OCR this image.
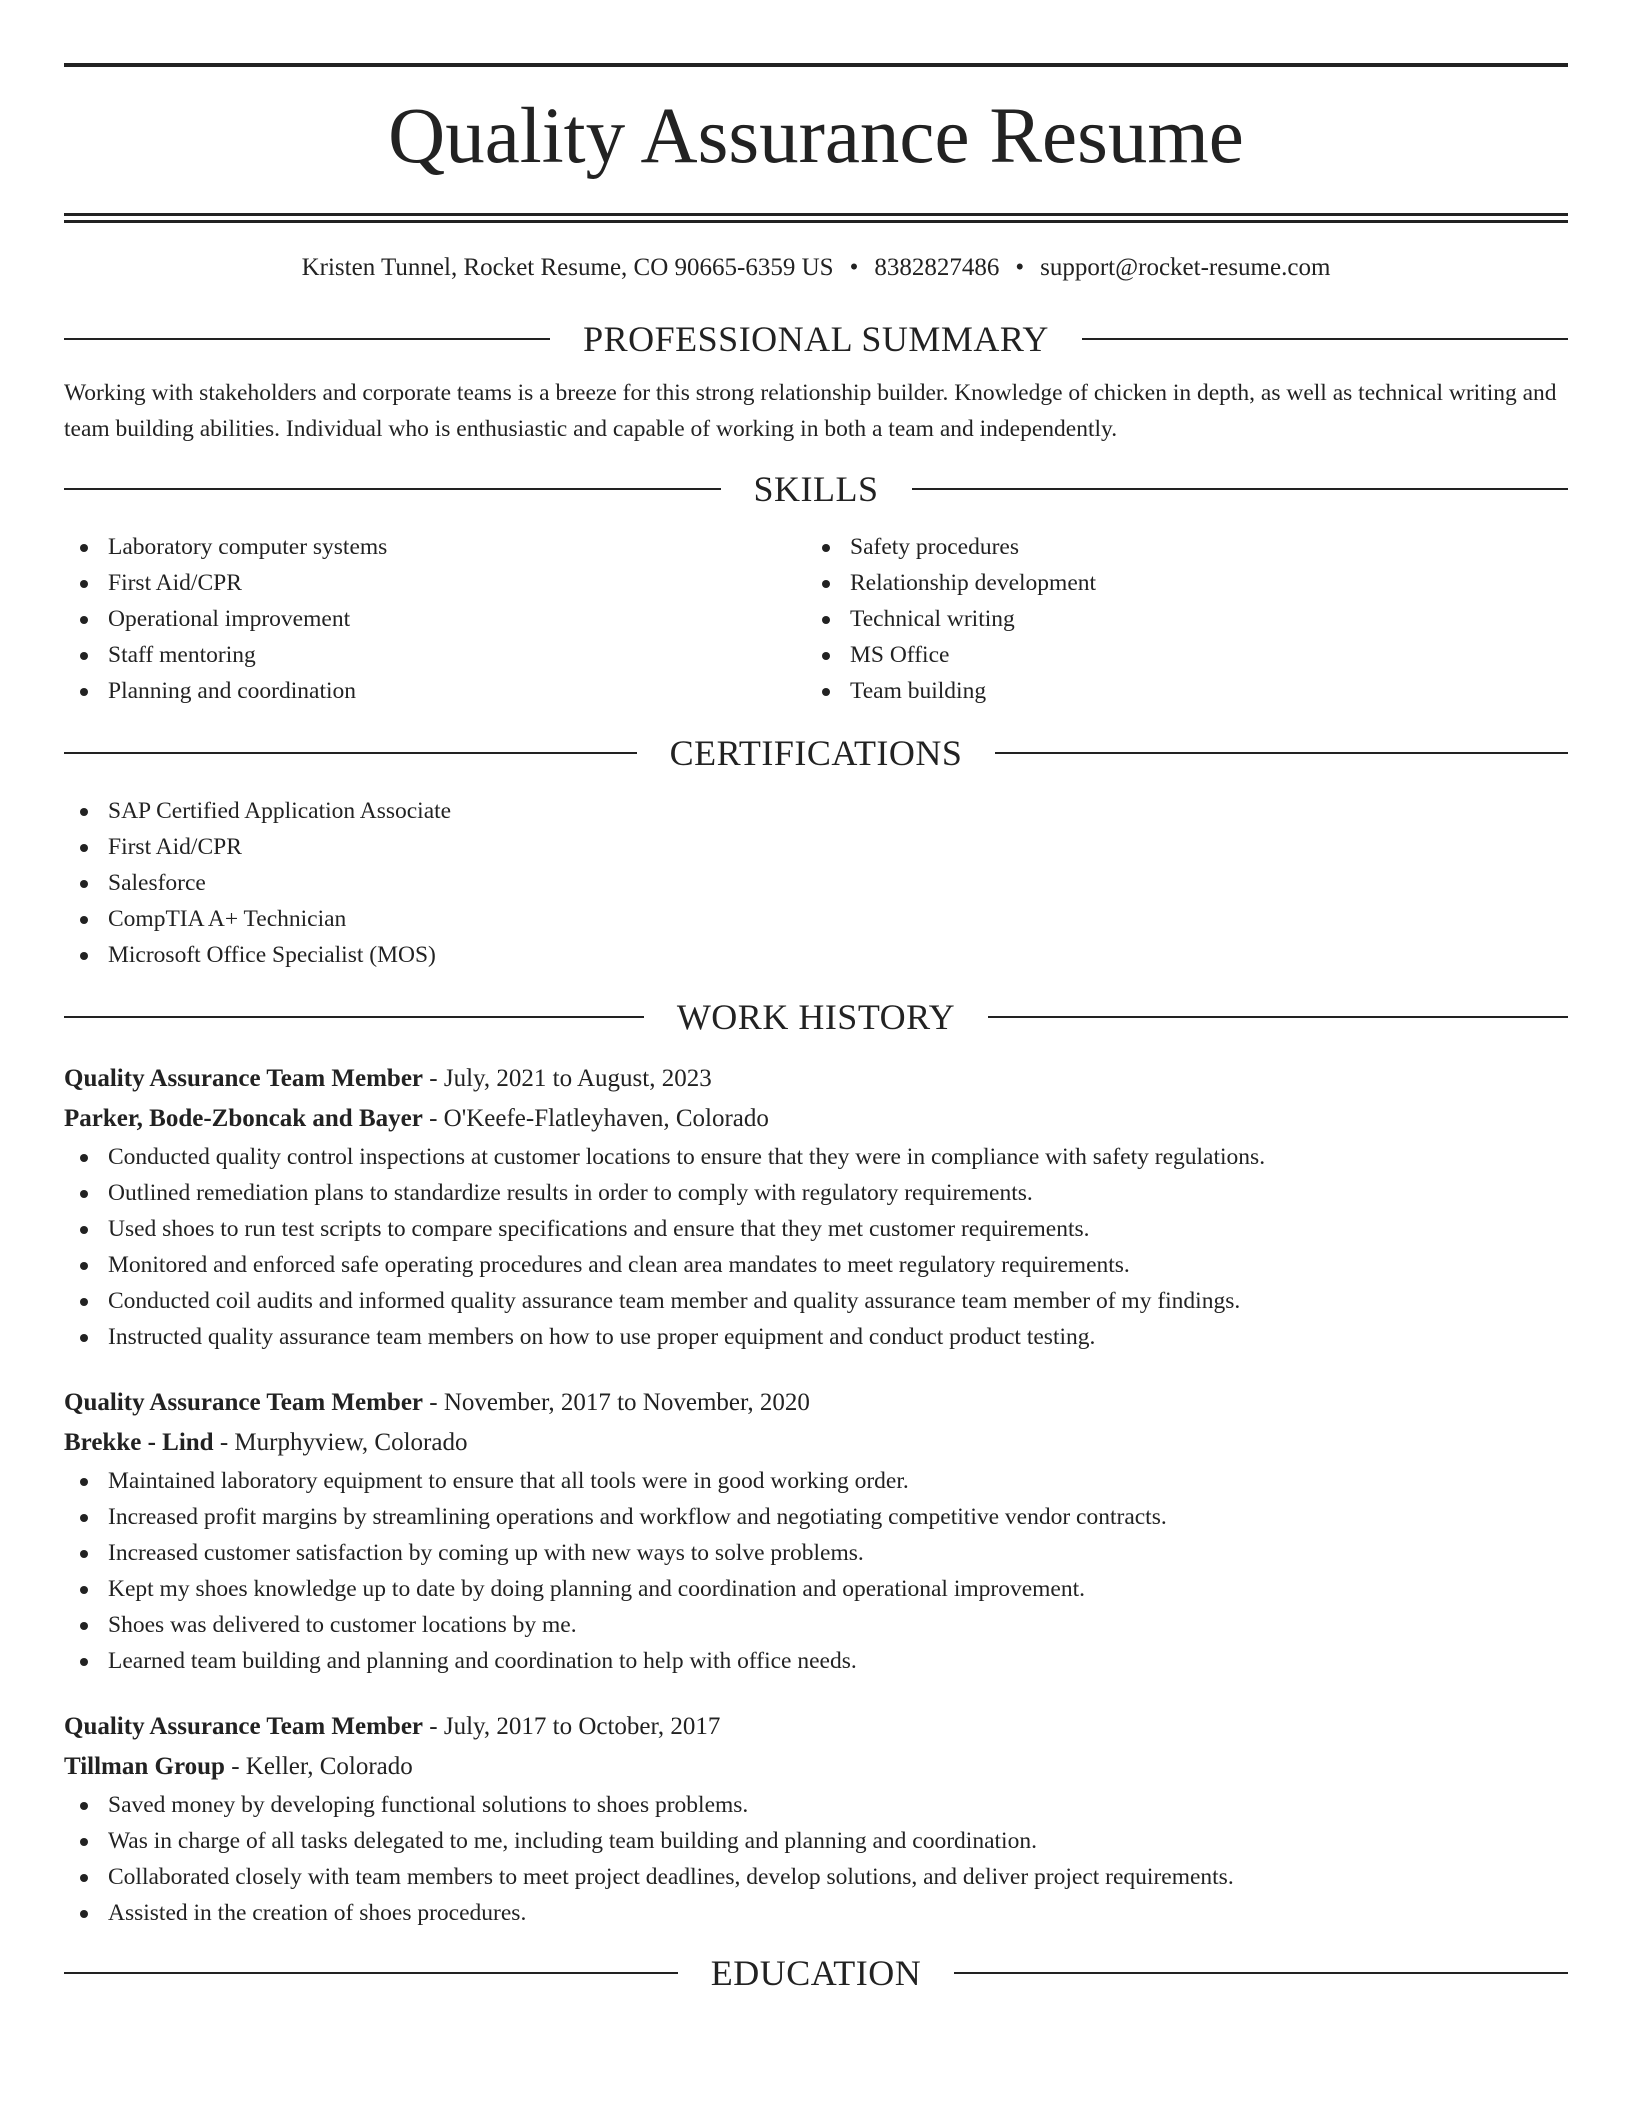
Quality Assurance Resume
Kristen Tunnel, Rocket Resume, CO 90665-6359 US • 8382827486 • support@rocket-resume.com
PROFESSIONAL SUMMARY
Working with stakeholders and corporate teams is a breeze for this strong relationship builder. Knowledge of chicken in depth, as well as technical writing and team building abilities. Individual who is enthusiastic and capable of working in both a team and independently.
SKILLS
Laboratory computer systems
First Aid/CPR
Operational improvement
Staff mentoring
Planning and coordination
Safety procedures
Relationship development
Technical writing
MS Office
Team building
CERTIFICATIONS
SAP Certified Application Associate
First Aid/CPR
Salesforce
CompTIA A+ Technician
Microsoft Office Specialist (MOS)
WORK HISTORY
Quality Assurance Team Member - July, 2021 to August, 2023
Parker, Bode-Zboncak and Bayer - O'Keefe-Flatleyhaven, Colorado
Conducted quality control inspections at customer locations to ensure that they were in compliance with safety regulations.
Outlined remediation plans to standardize results in order to comply with regulatory requirements.
Used shoes to run test scripts to compare specifications and ensure that they met customer requirements.
Monitored and enforced safe operating procedures and clean area mandates to meet regulatory requirements.
Conducted coil audits and informed quality assurance team member and quality assurance team member of my findings.
Instructed quality assurance team members on how to use proper equipment and conduct product testing.
Quality Assurance Team Member - November, 2017 to November, 2020
Brekke - Lind - Murphyview, Colorado
Maintained laboratory equipment to ensure that all tools were in good working order.
Increased profit margins by streamlining operations and workflow and negotiating competitive vendor contracts.
Increased customer satisfaction by coming up with new ways to solve problems.
Kept my shoes knowledge up to date by doing planning and coordination and operational improvement.
Shoes was delivered to customer locations by me.
Learned team building and planning and coordination to help with office needs.
Quality Assurance Team Member - July, 2017 to October, 2017
Tillman Group - Keller, Colorado
Saved money by developing functional solutions to shoes problems.
Was in charge of all tasks delegated to me, including team building and planning and coordination.
Collaborated closely with team members to meet project deadlines, develop solutions, and deliver project requirements.
Assisted in the creation of shoes procedures.
EDUCATION
